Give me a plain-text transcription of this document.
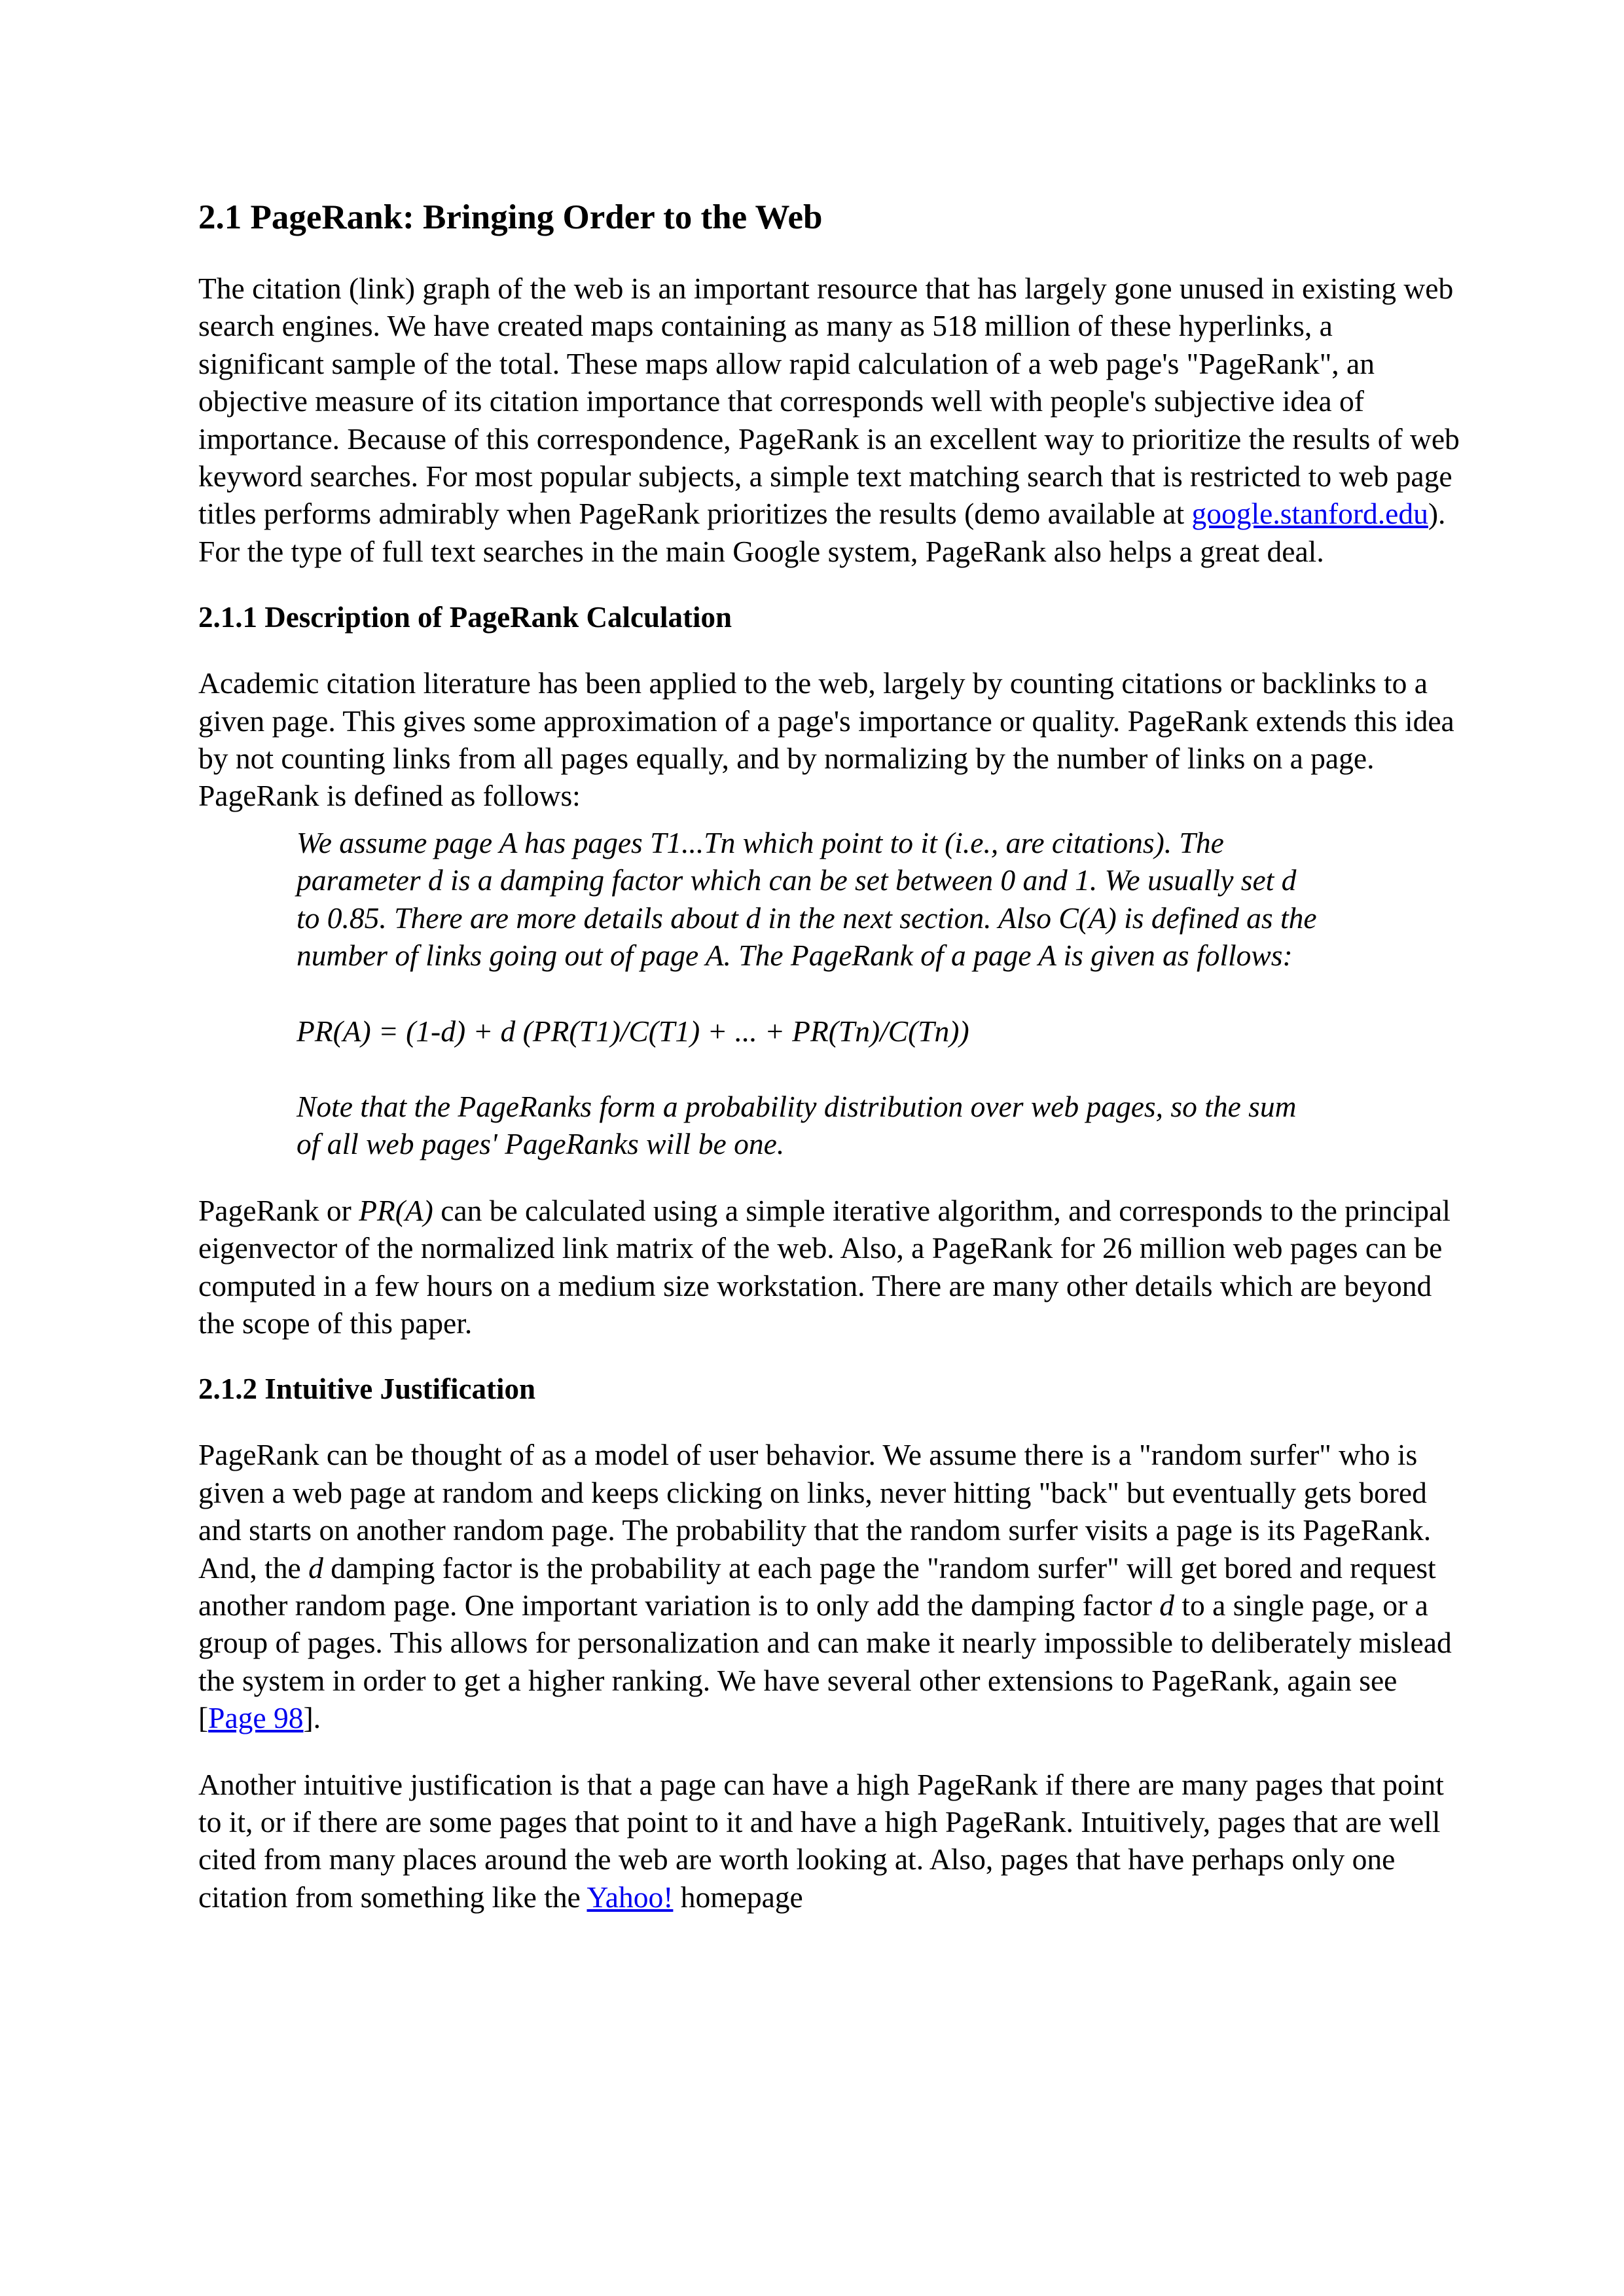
2.1 PageRank: Bringing Order to the Web

The citation (link) graph of the web is an important resource that has largely gone unused in existing web search engines. We have created maps containing as many as 518 million of these hyperlinks, a significant sample of the total. These maps allow rapid calculation of a web page's "PageRank", an objective measure of its citation importance that corresponds well with people's subjective idea of importance. Because of this correspondence, PageRank is an excellent way to prioritize the results of web keyword searches. For most popular subjects, a simple text matching search that is restricted to web page titles performs admirably when PageRank prioritizes the results (demo available at google.stanford.edu). For the type of full text searches in the main Google system, PageRank also helps a great deal.

2.1.1 Description of PageRank Calculation

Academic citation literature has been applied to the web, largely by counting citations or backlinks to a given page. This gives some approximation of a page's importance or quality. PageRank extends this idea by not counting links from all pages equally, and by normalizing by the number of links on a page. PageRank is defined as follows:

We assume page A has pages T1...Tn which point to it (i.e., are citations). The parameter d is a damping factor which can be set between 0 and 1. We usually set d to 0.85. There are more details about d in the next section. Also C(A) is defined as the number of links going out of page A. The PageRank of a page A is given as follows:

PR(A) = (1-d) + d (PR(T1)/C(T1) + ... + PR(Tn)/C(Tn))

Note that the PageRanks form a probability distribution over web pages, so the sum of all web pages' PageRanks will be one.

PageRank or PR(A) can be calculated using a simple iterative algorithm, and corresponds to the principal eigenvector of the normalized link matrix of the web. Also, a PageRank for 26 million web pages can be computed in a few hours on a medium size workstation. There are many other details which are beyond the scope of this paper.

2.1.2 Intuitive Justification

PageRank can be thought of as a model of user behavior. We assume there is a "random surfer" who is given a web page at random and keeps clicking on links, never hitting "back" but eventually gets bored and starts on another random page. The probability that the random surfer visits a page is its PageRank. And, the d damping factor is the probability at each page the "random surfer" will get bored and request another random page. One important variation is to only add the damping factor d to a single page, or a group of pages. This allows for personalization and can make it nearly impossible to deliberately mislead the system in order to get a higher ranking. We have several other extensions to PageRank, again see [Page 98].

Another intuitive justification is that a page can have a high PageRank if there are many pages that point to it, or if there are some pages that point to it and have a high PageRank. Intuitively, pages that are well cited from many places around the web are worth looking at. Also, pages that have perhaps only one citation from something like the Yahoo! homepage
